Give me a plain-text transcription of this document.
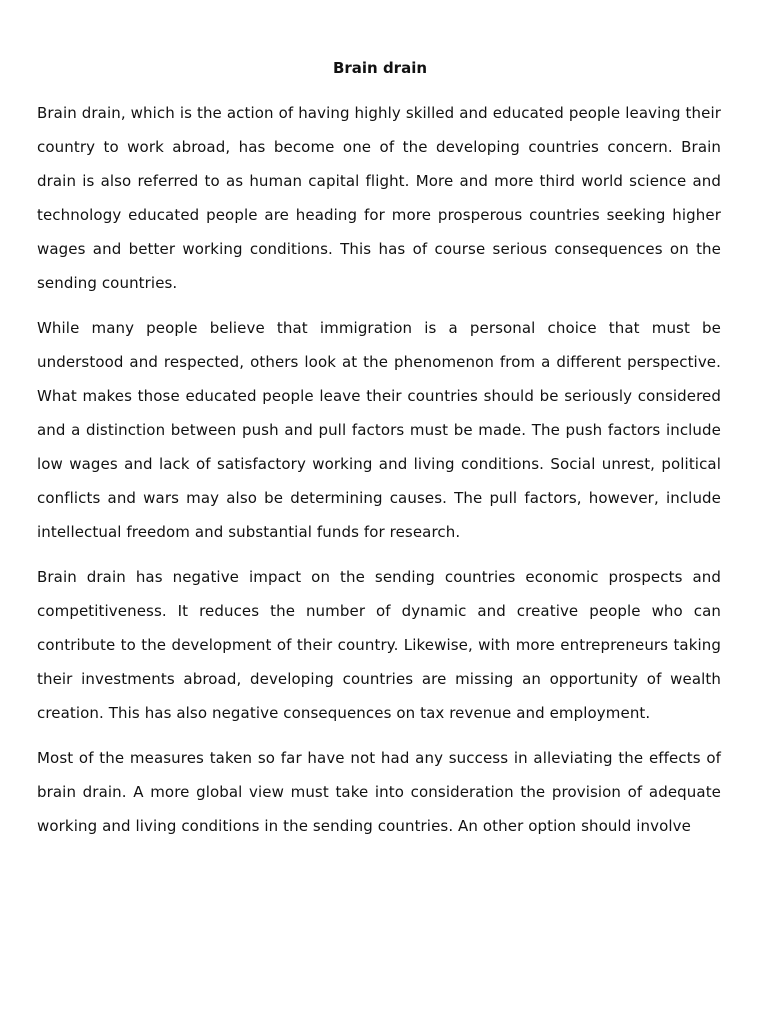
Brain drain

Brain drain, which is the action of having highly skilled and educated people leaving their country to work abroad, has become one of the developing countries concern. Brain drain is also referred to as human capital flight. More and more third world science and technology educated people are heading for more prosperous countries seeking higher wages and better working conditions. This has of course serious consequences on the sending countries.

While many people believe that immigration is a personal choice that must be understood and respected, others look at the phenomenon from a different perspective. What makes those educated people leave their countries should be seriously considered and a distinction between push and pull factors must be made. The push factors include low wages and lack of satisfactory working and living conditions. Social unrest, political conflicts and wars may also be determining causes. The pull factors, however, include intellectual freedom and substantial funds for research.

Brain drain has negative impact on the sending countries economic prospects and competitiveness. It reduces the number of dynamic and creative people who can contribute to the development of their country. Likewise, with more entrepreneurs taking their investments abroad, developing countries are missing an opportunity of wealth creation. This has also negative consequences on tax revenue and employment.

Most of the measures taken so far have not had any success in alleviating the effects of brain drain. A more global view must take into consideration the provision of adequate working and living conditions in the sending countries. An other option should involve
